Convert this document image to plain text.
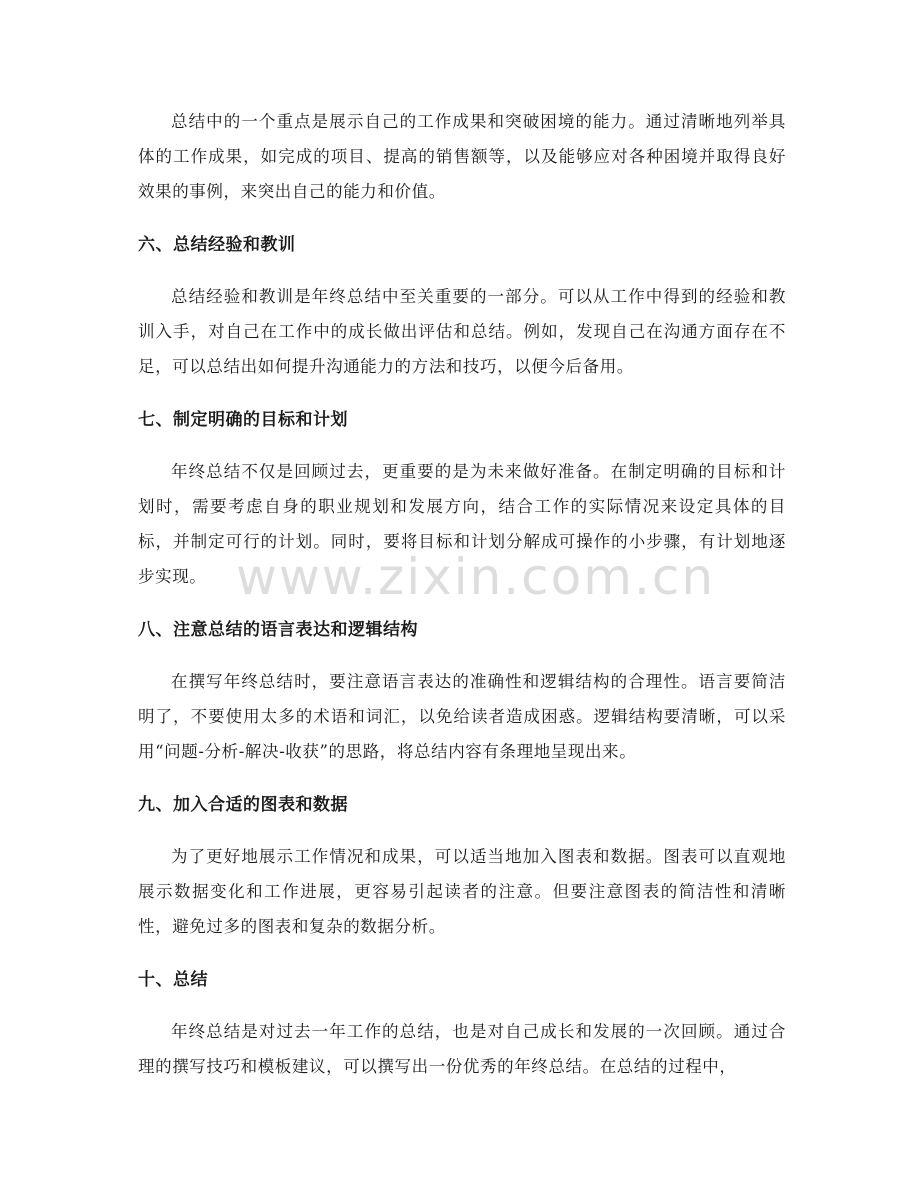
总结中的一个重点是展示自己的工作成果和突破困境的能力。通过清晰地列举具体的工作成果，如完成的项目、提高的销售额等，以及能够应对各种困境并取得良好效果的事例，来突出自己的能力和价值。

六、总结经验和教训

总结经验和教训是年终总结中至关重要的一部分。可以从工作中得到的经验和教训入手，对自己在工作中的成长做出评估和总结。例如，发现自己在沟通方面存在不足，可以总结出如何提升沟通能力的方法和技巧，以便今后备用。

七、制定明确的目标和计划

年终总结不仅是回顾过去，更重要的是为未来做好准备。在制定明确的目标和计划时，需要考虑自身的职业规划和发展方向，结合工作的实际情况来设定具体的目标，并制定可行的计划。同时，要将目标和计划分解成可操作的小步骤，有计划地逐步实现。

八、注意总结的语言表达和逻辑结构

在撰写年终总结时，要注意语言表达的准确性和逻辑结构的合理性。语言要简洁明了，不要使用太多的术语和词汇，以免给读者造成困惑。逻辑结构要清晰，可以采用“问题-分析-解决-收获”的思路，将总结内容有条理地呈现出来。

九、加入合适的图表和数据

为了更好地展示工作情况和成果，可以适当地加入图表和数据。图表可以直观地展示数据变化和工作进展，更容易引起读者的注意。但要注意图表的简洁性和清晰性，避免过多的图表和复杂的数据分析。

十、总结

年终总结是对过去一年工作的总结，也是对自己成长和发展的一次回顾。通过合理的撰写技巧和模板建议，可以撰写出一份优秀的年终总结。在总结的过程中，

www.zixin.com.cn
